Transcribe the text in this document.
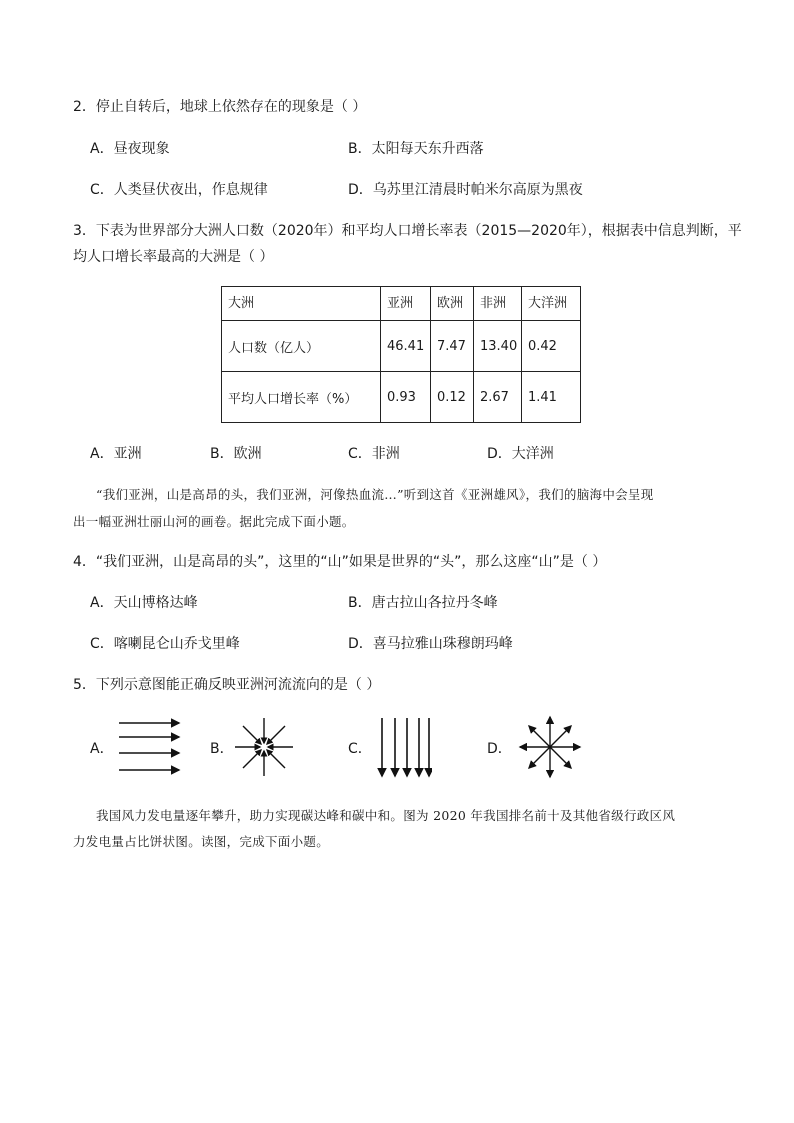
2．停止自转后，地球上依然存在的现象是（ ）
A．昼夜现象	B．太阳每天东升西落
C．人类昼伏夜出，作息规律	D．乌苏里江清晨时帕米尔高原为黑夜
3．下表为世界部分大洲人口数（2020年）和平均人口增长率表（2015—2020年），根据表中信息判断，平
均人口增长率最高的大洲是（ ）
大洲	亚洲	欧洲	非洲	大洋洲
人口数（亿人）	46.41	7.47	13.40	0.42
平均人口增长率（%）	0.93	0.12	2.67	1.41
A．亚洲	B．欧洲	C．非洲	D．大洋洲
“我们亚洲，山是高昂的头，我们亚洲，河像热血流…”听到这首《亚洲雄风》，我们的脑海中会呈现
出一幅亚洲壮丽山河的画卷。据此完成下面小题。
4．“我们亚洲，山是高昂的头”，这里的“山”如果是世界的“头”，那么这座“山”是（ ）
A．天山博格达峰	B．唐古拉山各拉丹冬峰
C．喀喇昆仑山乔戈里峰	D．喜马拉雅山珠穆朗玛峰
5．下列示意图能正确反映亚洲河流流向的是（ ）
A．	B．	C．	D．
我国风力发电量逐年攀升，助力实现碳达峰和碳中和。图为 2020 年我国排名前十及其他省级行政区风
力发电量占比饼状图。读图，完成下面小题。
